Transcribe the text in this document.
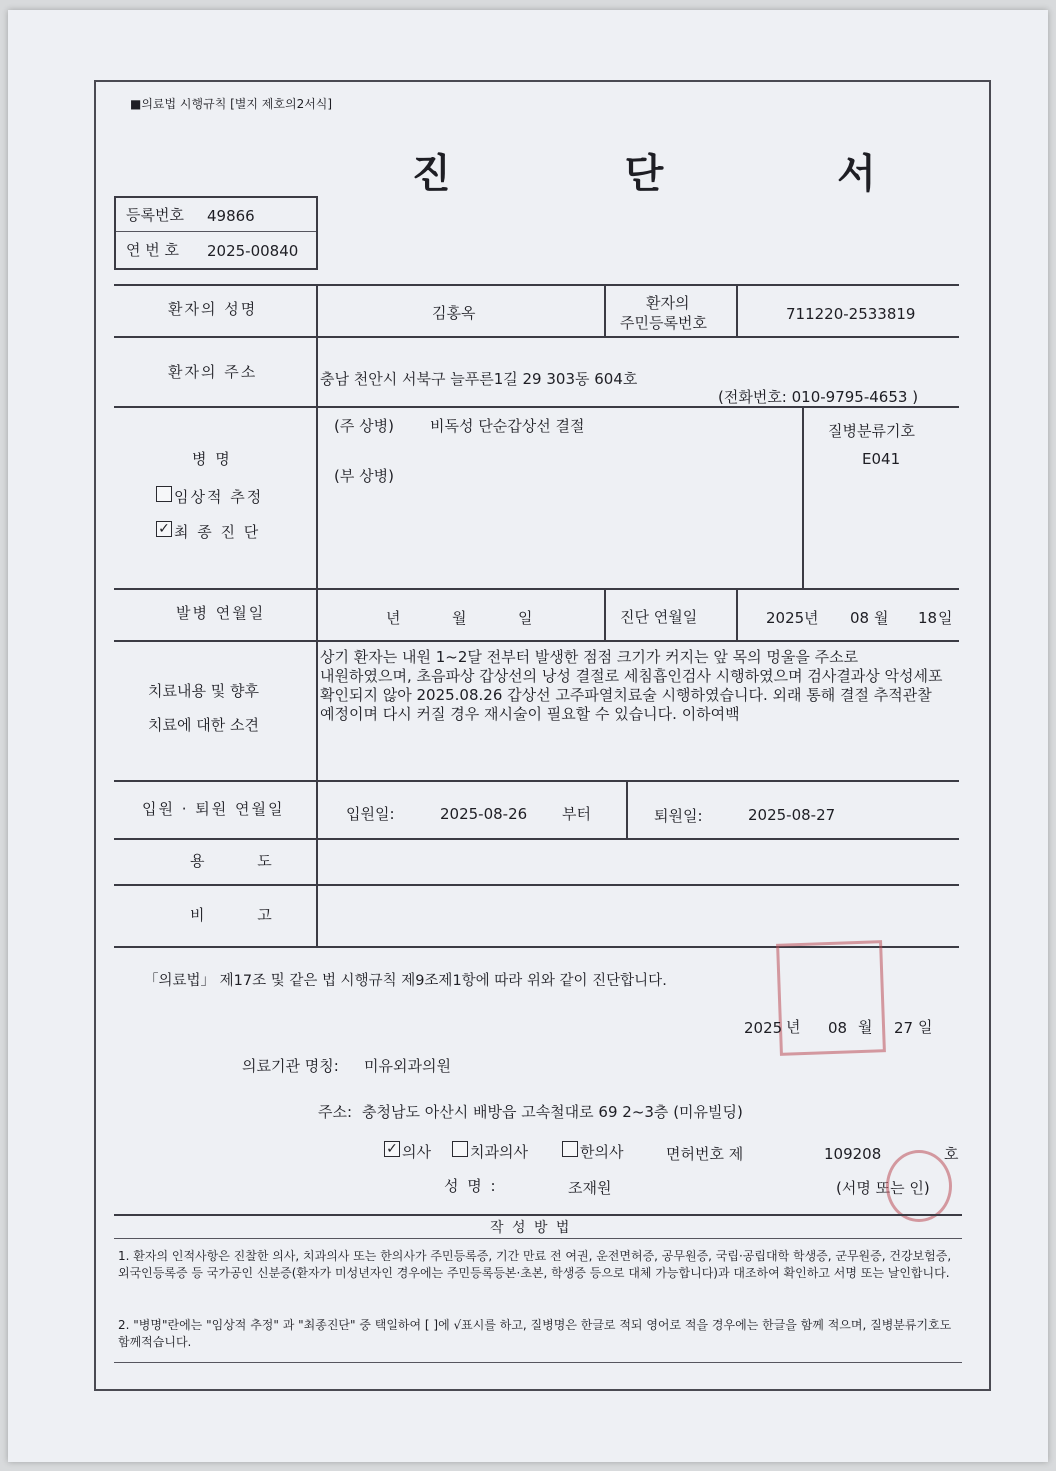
■의료법 시행규칙 [별지 제호의2서식]
진 단 서
등록번호 49866
연 번 호 2025-00840
환자의 성명	김홍옥
환자의
주민등록번호	711220-2533819
환자의 주소	충남 천안시 서북구 늘푸른1길 29 303동 604호
(전화번호: 010-9795-4653 )
병 명
임상적 추정
✓ 최 종 진 단
(주 상병) 비독성 단순갑상선 결절
(부 상병)
질병분류기호
E041
발병 연월일	년	월	일	진단 연월일	2025 년 08 월 18 일
치료내용 및 향후
치료에 대한 소견
상기 환자는 내원 1~2달 전부터 발생한 점점 크기가 커지는 앞 목의 멍울을 주소로 내원하였으며, 초음파상 갑상선의 낭성 결절로 세침흡인검사 시행하였으며 검사결과상 악성세포 확인되지 않아 2025.08.26 갑상선 고주파열치료술 시행하였습니다. 외래 통해 결절 추적관찰 예정이며 다시 커질 경우 재시술이 필요할 수 있습니다. 이하여백
입원 · 퇴원 연월일	입원일:	2025-08-26 부터	퇴원일:	2025-08-27
용 도
비 고
「의료법」 제17조 및 같은 법 시행규칙 제9조제1항에 따라 위와 같이 진단합니다.
2025 년 08 월 27 일
의료기관 명칭: 미유외과의원
주소: 충청남도 아산시 배방읍 고속철대로 69 2~3층 (미유빌딩)
✓ 의사	치과의사	한의사	면허번호 제	109208	호
성 명 :	조재원	(서명 또는 인)
작 성 방 법
1. 환자의 인적사항은 진찰한 의사, 치과의사 또는 한의사가 주민등록증, 기간 만료 전 여권, 운전면허증, 공무원증, 국립·공립대학 학생증, 군무원증, 건강보험증, 외국인등록증 등 국가공인 신분증(환자가 미성년자인 경우에는 주민등록등본·초본, 학생증 등으로 대체 가능합니다)과 대조하여 확인하고 서명 또는 날인합니다.
2. "병명"란에는 "임상적 추정" 과 "최종진단" 중 택일하여 [ ]에 √표시를 하고, 질병명은 한글로 적되 영어로 적을 경우에는 한글을 함께 적으며, 질병분류기호도 함께적습니다.
